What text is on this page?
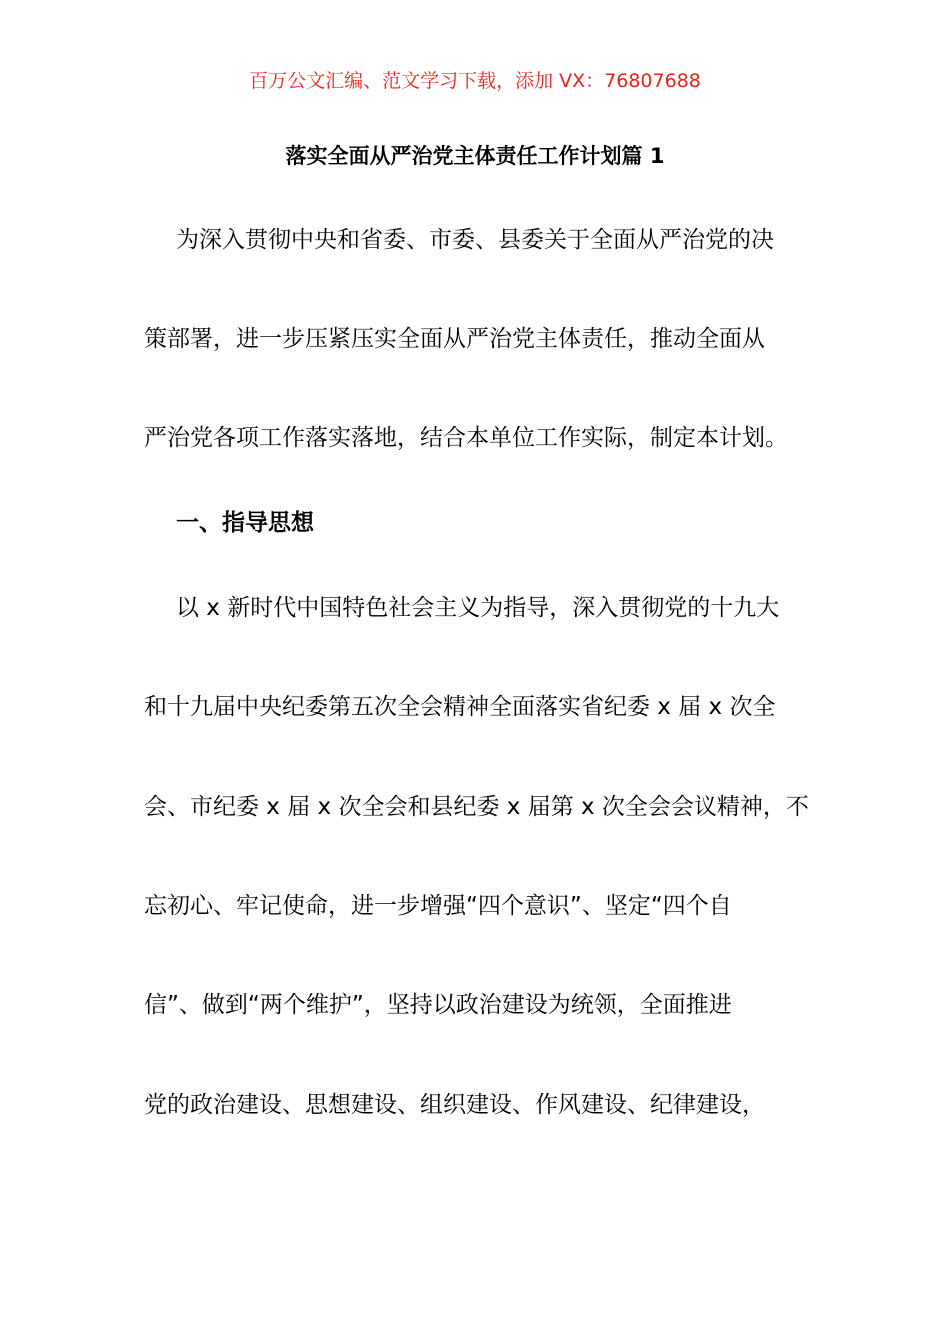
百万公文汇编、范文学习下载，添加 VX：76807688
落实全面从严治党主体责任工作计划篇 1
为深入贯彻中央和省委、市委、县委关于全面从严治党的决
策部署，进一步压紧压实全面从严治党主体责任，推动全面从
严治党各项工作落实落地，结合本单位工作实际，制定本计划。
一、指导思想
以 x 新时代中国特色社会主义为指导，深入贯彻党的十九大
和十九届中央纪委第五次全会精神全面落实省纪委 x 届 x 次全
会、市纪委 x 届 x 次全会和县纪委 x 届第 x 次全会会议精神，不
忘初心、牢记使命，进一步增强“四个意识”、坚定“四个自
信”、做到“两个维护”，坚持以政治建设为统领，全面推进
党的政治建设、思想建设、组织建设、作风建设、纪律建设，
